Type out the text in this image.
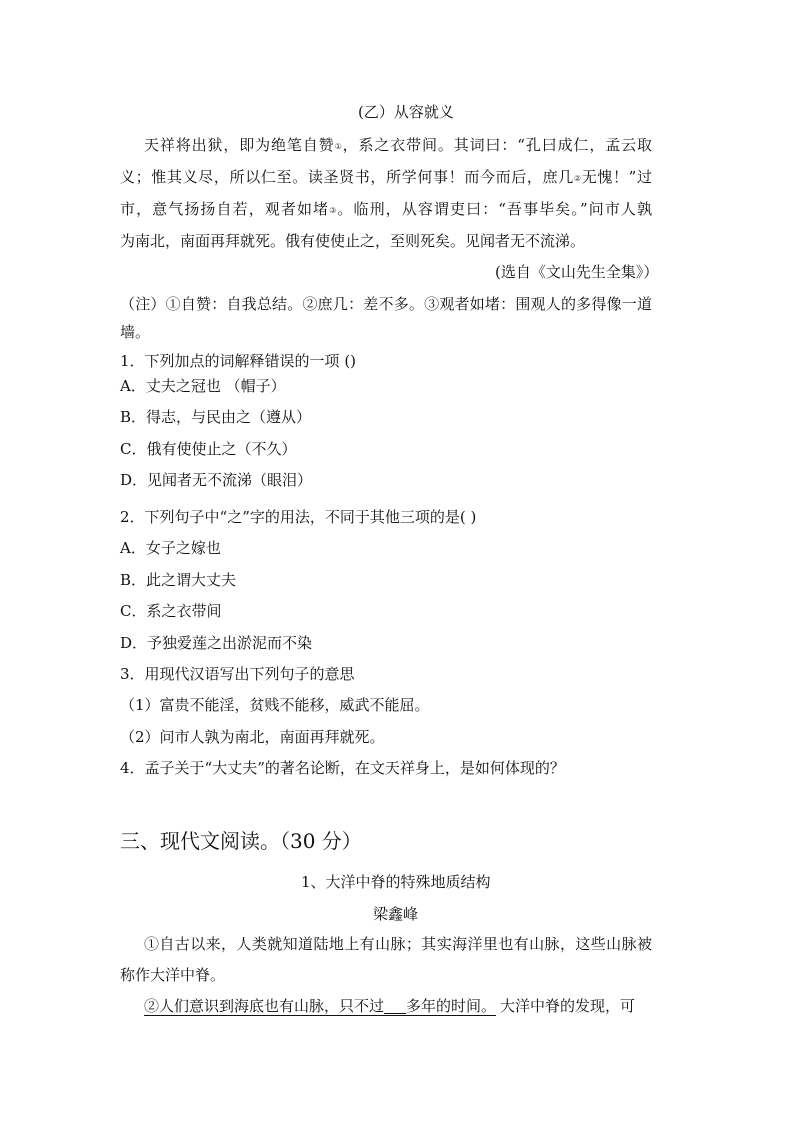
(乙）从容就义
天祥将出狱，即为绝笔自赞①，系之衣带间。其词曰：“孔曰成仁，孟云取
义；惟其义尽，所以仁至。读圣贤书，所学何事！而今而后，庶几②无愧！”过
市，意气扬扬自若，观者如堵③。临刑，从容谓吏曰：“吾事毕矣。”问市人孰
为南北，南面再拜就死。俄有使使止之，至则死矣。见闻者无不流涕。
(选自《文山先生全集》）
（注）①自赞：自我总结。②庶几：差不多。③观者如堵：围观人的多得像一道
墙。
1．下列加点的词解释错误的一项 ()
A．丈夫之冠也 （帽子）
B．得志，与民由之（遵从）
C．俄有使使止之（不久）
D．见闻者无不流涕（眼泪）
2．下列句子中“之”字的用法，不同于其他三项的是( )
A．女子之嫁也
B．此之谓大丈夫
C．系之衣带间
D．予独爱莲之出淤泥而不染
3．用现代汉语写出下列句子的意思
（1）富贵不能淫，贫贱不能移，威武不能屈。
（2）问市人孰为南北，南面再拜就死。
4．孟子关于“大丈夫”的著名论断，在文天祥身上，是如何体现的？
三、现代文阅读。（30 分）
1、大洋中脊的特殊地质结构
梁鑫峰
①自古以来，人类就知道陆地上有山脉；其实海洋里也有山脉，这些山脉被
称作大洋中脊。
②人们意识到海底也有山脉，只不过 多年的时间。 大洋中脊的发现，可
